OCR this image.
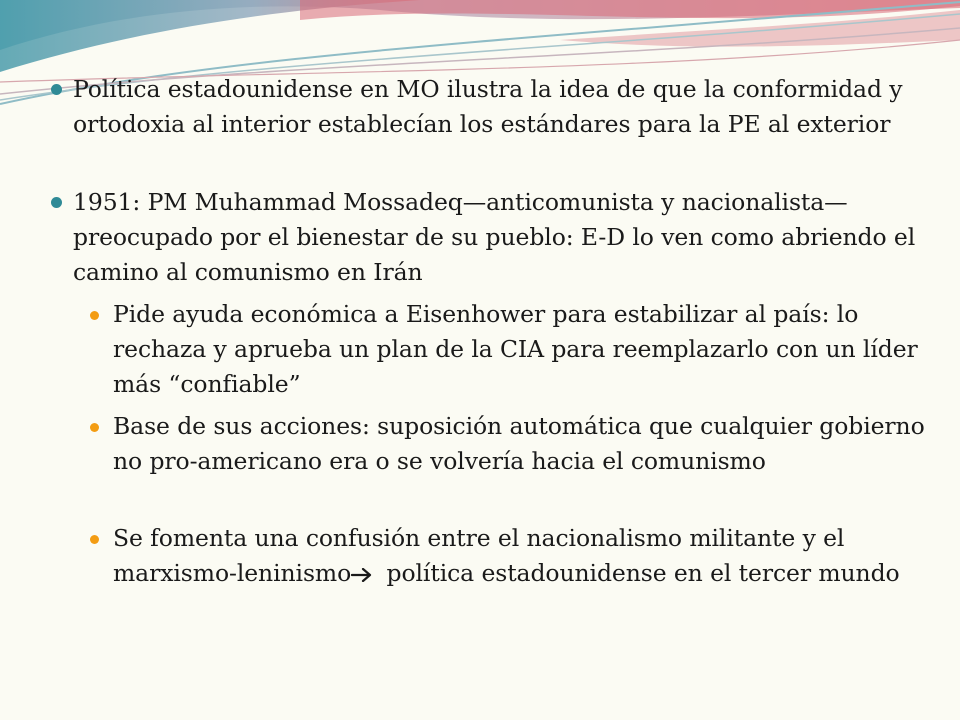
Política estadounidense en MO ilustra la idea de que la conformidad y ortodoxia al interior establecían los estándares para la PE al exterior
1951: PM Muhammad Mossadeq—anticomunista y nacionalista—preocupado por el bienestar de su pueblo: E-D lo ven como abriendo el camino al comunismo en Irán
Pide ayuda económica a Eisenhower para estabilizar al país: lo rechaza y aprueba un plan de la CIA para reemplazarlo con un líder más “confiable”
Base de sus acciones: suposición automática que cualquier gobierno no pro-americano era o se volvería hacia el comunismo
Se fomenta una confusión entre el nacionalismo militante y el marxismo-leninismo política estadounidense en el tercer mundo
